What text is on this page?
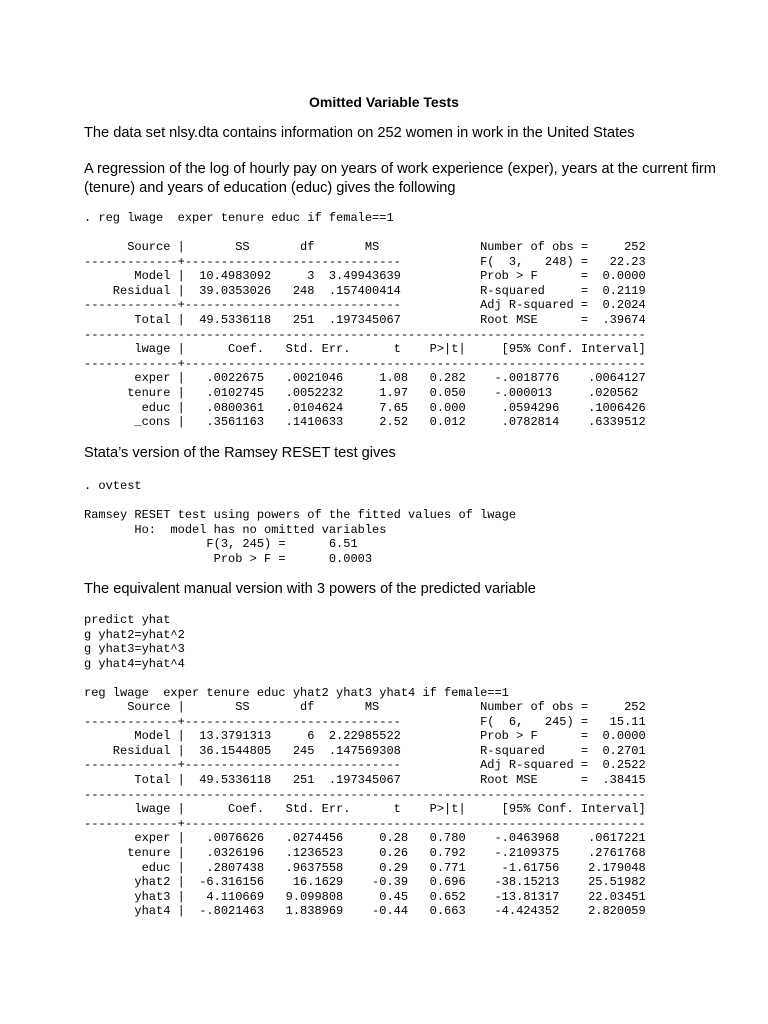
Omitted Variable Tests

The data set nlsy.dta contains information on 252 women in work in the United States

A regression of the log of hourly pay on years of work experience (exper), years at the current firm (tenure) and years of education (educ) gives the following

. reg lwage  exper tenure educ if female==1
Source |       SS       df       MS              Number of obs =     252
-------------+------------------------------           F(  3,   248) =   22.23
Model |  10.4983092     3  3.49943639           Prob > F      =  0.0000
Residual |  39.0353026   248  .157400414           R-squared     =  0.2119
-------------+------------------------------           Adj R-squared =  0.2024
Total |  49.5336118   251  .197345067           Root MSE      =  .39674
------------------------------------------------------------------------------
lwage |      Coef.   Std. Err.      t    P>|t|     [95% Conf. Interval]
-------------+----------------------------------------------------------------
exper |   .0022675   .0021046     1.08   0.282    -.0018776    .0064127
tenure |   .0102745   .0052232     1.97   0.050    -.000013     .020562
educ |   .0800361   .0104624     7.65   0.000     .0594296    .1006426
_cons |   .3561163   .1410633     2.52   0.012     .0782814    .6339512

Stata’s version of the Ramsey RESET test gives

. ovtest
Ramsey RESET test using powers of the fitted values of lwage
Ho:  model has no omitted variables
F(3, 245) =      6.51
Prob > F =      0.0003

The equivalent manual version with 3 powers of the predicted variable

predict yhat
g yhat2=yhat^2
g yhat3=yhat^3
g yhat4=yhat^4
reg lwage  exper tenure educ yhat2 yhat3 yhat4 if female==1
Source |       SS       df       MS              Number of obs =     252
-------------+------------------------------           F(  6,   245) =   15.11
Model |  13.3791313     6  2.22985522           Prob > F      =  0.0000
Residual |  36.1544805   245  .147569308           R-squared     =  0.2701
-------------+------------------------------           Adj R-squared =  0.2522
Total |  49.5336118   251  .197345067           Root MSE      =  .38415
------------------------------------------------------------------------------
lwage |      Coef.   Std. Err.      t    P>|t|     [95% Conf. Interval]
-------------+----------------------------------------------------------------
exper |   .0076626   .0274456     0.28   0.780    -.0463968    .0617221
tenure |   .0326196   .1236523     0.26   0.792    -.2109375    .2761768
educ |   .2807438   .9637558     0.29   0.771     -1.61756    2.179048
yhat2 |  -6.316156    16.1629    -0.39   0.696    -38.15213    25.51982
yhat3 |   4.110669   9.099808     0.45   0.652    -13.81317    22.03451
yhat4 |  -.8021463   1.838969    -0.44   0.663    -4.424352    2.820059
